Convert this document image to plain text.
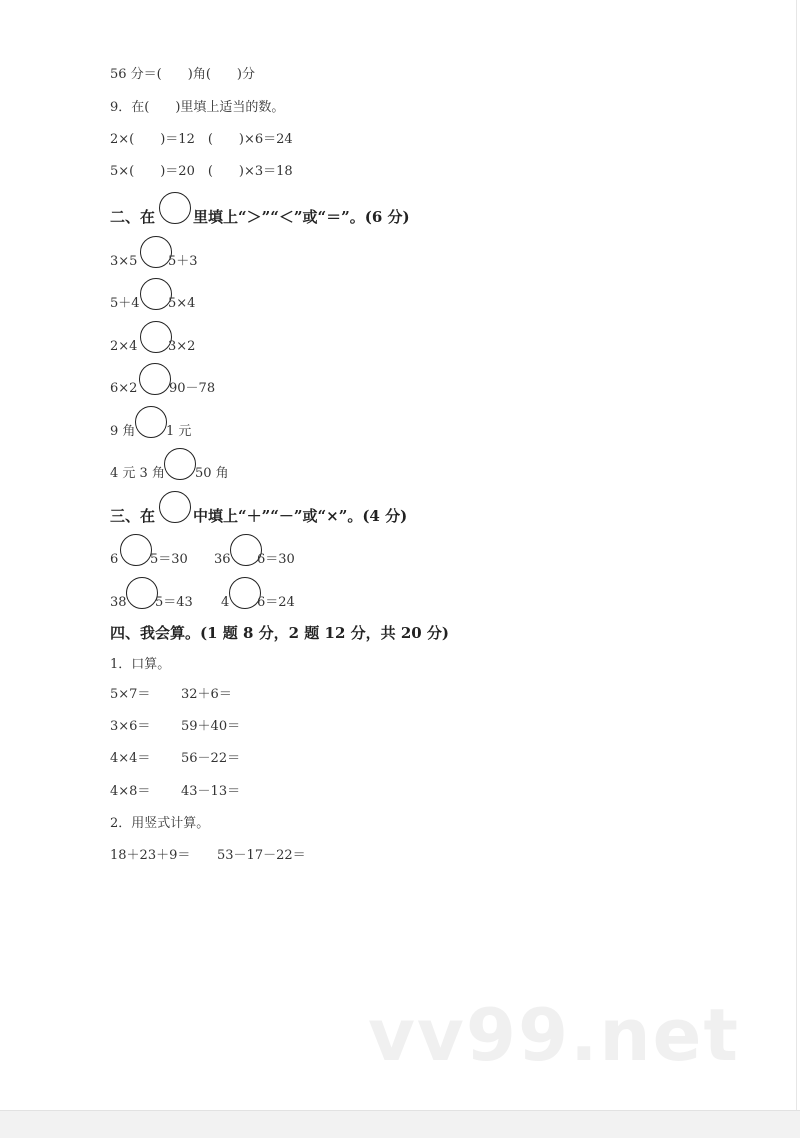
56 分＝(　　)角(　　)分
9．在(　　)里填上适当的数。
2×(　　)＝12　(　　)×6＝24
5×(　　)＝20　(　　)×3＝18
二、在	里填上“＞”“＜”或“＝”。(6 分)

3×5

5＋3

5＋4

5×4

2×4

3×2

6×2

90－78

9 角

1 元

4 元 3 角

50 角

三、在	中填上“＋”“－”或“×”。(4 分)

6

5＝30

36

6＝30

38

5＝43

4

6＝24

四、我会算。(1 题 8 分，2 题 12 分，共 20 分)
1．口算。
5×7＝ 32＋6＝
3×6＝ 59＋40＝
4×4＝ 56－22＝
4×8＝ 43－13＝
2．用竖式计算。
18＋23＋9＝ 53－17－22＝
vv99.net
